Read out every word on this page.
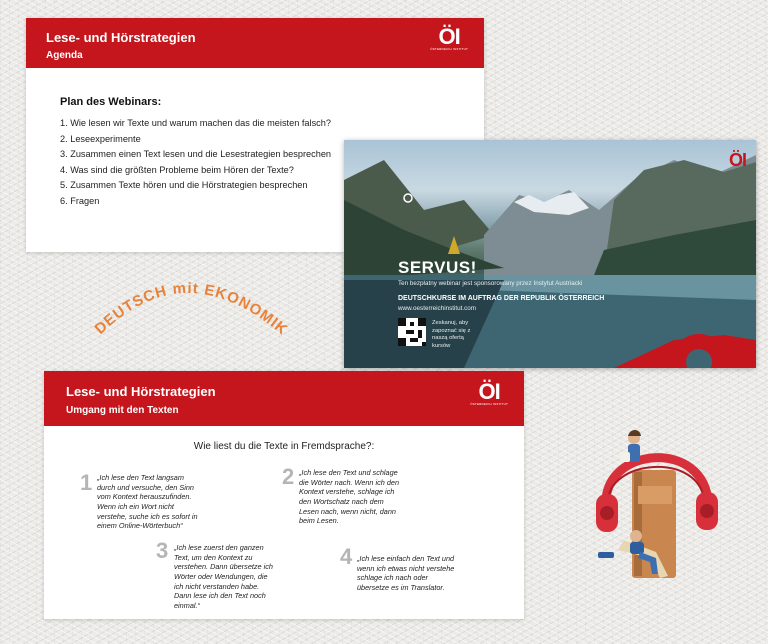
Lese- und Hörstrategien
Agenda
ÖI
ÖSTERREICH INSTITUT
Plan des Webinars:
1. Wie lesen wir Texte und warum machen das die meisten falsch?
2. Leseexperimente
3. Zusammen einen Text lesen und die Lesestrategien besprechen
4. Was sind die größten Probleme beim Hören der Texte?
5. Zusammen Texte hören und die Hörstrategien besprechen
6. Fragen
ÖI
SERVUS!
Ten bezpłatny webinar jest sponsorowany przez Instytut Austriacki
DEUTSCHKURSE IM AUFTRAG DER REPUBLIK ÖSTERREICH
www.oesterreichinstitut.com
Zeskanuj, aby zapoznać się z naszą ofertą kursów
DEUTSCH mit EKONOMIK
Lese- und Hörstrategien
Umgang mit den Texten
ÖI
ÖSTERREICH INSTITUT
Wie liest du die Texte in Fremdsprache?:
1 „Ich lese den Text langsam
durch und versuche, den Sinn
vom Kontext herauszufinden.
Wenn ich ein Wort nicht
verstehe, suche ich es sofort in
einem Online-Wörterbuch“
2 „Ich lese den Text und schlage
die Wörter nach. Wenn ich den
Kontext verstehe, schlage ich
den Wortschatz nach dem
Lesen nach, wenn nicht, dann
beim Lesen.
3 „Ich lese zuerst den ganzen
Text, um den Kontext zu
verstehen. Dann übersetze ich
Wörter oder Wendungen, die
ich nicht verstanden habe.
Dann lese ich den Text noch
einmal.“
4 „Ich lese einfach den Text und
wenn ich etwas nicht verstehe
schlage ich nach oder
übersetze es im Translator.
